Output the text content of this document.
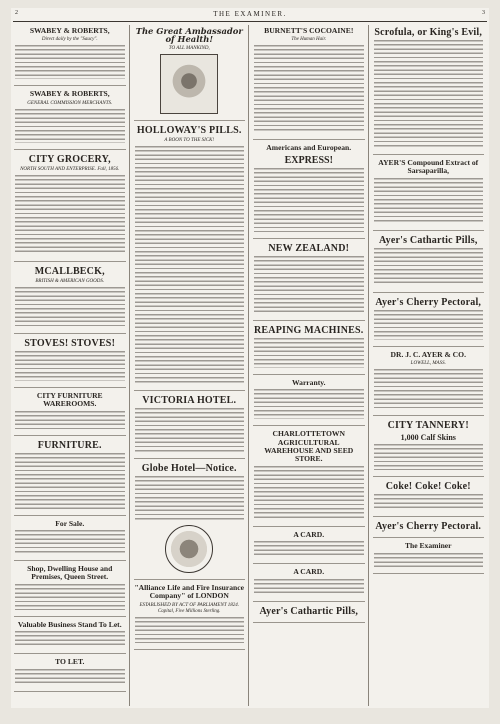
2	THE EXAMINER.	3
SWABEY & ROBERTS,
Direct daily by the "Saucy".
SWABEY & ROBERTS,
GENERAL COMMISSION MERCHANTS.
CITY GROCERY,
NORTH SOUTH AND ENTERPRISE. Fall, 1856.
MCALLBECK,
BRITISH & AMERICAN GOODS.
STOVES! STOVES!
CITY FURNITURE WAREROOMS.
FURNITURE.
For Sale.
Shop, Dwelling House and Premises, Queen Street.
Valuable Business Stand To Let.
TO LET.
The Great Ambassador of Health!
TO ALL MANKIND,
HOLLOWAY'S PILLS.
A BOON TO THE SICK!
VICTORIA HOTEL.
Globe Hotel—Notice.
"Alliance Life and Fire Insurance Company" of LONDON
ESTABLISHED BY ACT OF PARLIAMENT 1824. Capital, Five Millions Sterling.
BURNETT'S COCOAINE!
The Human Hair.
Americans and European.
EXPRESS!
NEW ZEALAND!
REAPING MACHINES.
Warranty.
CHARLOTTETOWN AGRICULTURAL WAREHOUSE AND SEED STORE.
A CARD.
A CARD.
Ayer's Cathartic Pills,
Scrofula, or King's Evil,
AYER'S Compound Extract of Sarsaparilla,
Ayer's Cathartic Pills,
Ayer's Cherry Pectoral,
DR. J. C. AYER & CO.
LOWELL, MASS.
CITY TANNERY!
1,000 Calf Skins
Coke! Coke! Coke!
Ayer's Cherry Pectoral.
The Examiner
